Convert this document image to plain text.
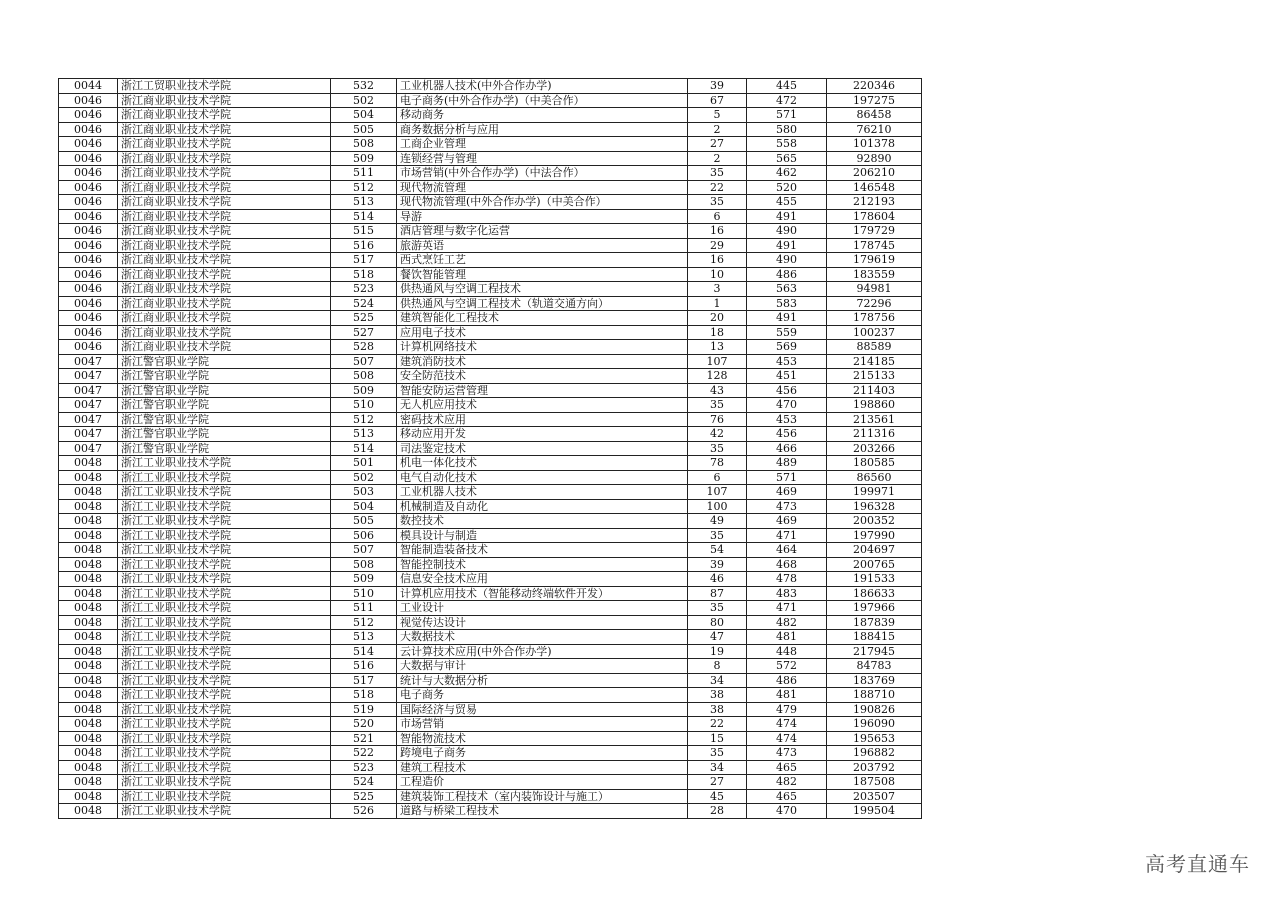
0044	浙江工贸职业技术学院	532	工业机器人技术(中外合作办学)	39	445	220346
0046	浙江商业职业技术学院	502	电子商务(中外合作办学)（中美合作）	67	472	197275
0046	浙江商业职业技术学院	504	移动商务	5	571	86458
0046	浙江商业职业技术学院	505	商务数据分析与应用	2	580	76210
0046	浙江商业职业技术学院	508	工商企业管理	27	558	101378
0046	浙江商业职业技术学院	509	连锁经营与管理	2	565	92890
0046	浙江商业职业技术学院	511	市场营销(中外合作办学)（中法合作）	35	462	206210
0046	浙江商业职业技术学院	512	现代物流管理	22	520	146548
0046	浙江商业职业技术学院	513	现代物流管理(中外合作办学)（中美合作）	35	455	212193
0046	浙江商业职业技术学院	514	导游	6	491	178604
0046	浙江商业职业技术学院	515	酒店管理与数字化运营	16	490	179729
0046	浙江商业职业技术学院	516	旅游英语	29	491	178745
0046	浙江商业职业技术学院	517	西式烹饪工艺	16	490	179619
0046	浙江商业职业技术学院	518	餐饮智能管理	10	486	183559
0046	浙江商业职业技术学院	523	供热通风与空调工程技术	3	563	94981
0046	浙江商业职业技术学院	524	供热通风与空调工程技术（轨道交通方向）	1	583	72296
0046	浙江商业职业技术学院	525	建筑智能化工程技术	20	491	178756
0046	浙江商业职业技术学院	527	应用电子技术	18	559	100237
0046	浙江商业职业技术学院	528	计算机网络技术	13	569	88589
0047	浙江警官职业学院	507	建筑消防技术	107	453	214185
0047	浙江警官职业学院	508	安全防范技术	128	451	215133
0047	浙江警官职业学院	509	智能安防运营管理	43	456	211403
0047	浙江警官职业学院	510	无人机应用技术	35	470	198860
0047	浙江警官职业学院	512	密码技术应用	76	453	213561
0047	浙江警官职业学院	513	移动应用开发	42	456	211316
0047	浙江警官职业学院	514	司法鉴定技术	35	466	203266
0048	浙江工业职业技术学院	501	机电一体化技术	78	489	180585
0048	浙江工业职业技术学院	502	电气自动化技术	6	571	86560
0048	浙江工业职业技术学院	503	工业机器人技术	107	469	199971
0048	浙江工业职业技术学院	504	机械制造及自动化	100	473	196328
0048	浙江工业职业技术学院	505	数控技术	49	469	200352
0048	浙江工业职业技术学院	506	模具设计与制造	35	471	197990
0048	浙江工业职业技术学院	507	智能制造装备技术	54	464	204697
0048	浙江工业职业技术学院	508	智能控制技术	39	468	200765
0048	浙江工业职业技术学院	509	信息安全技术应用	46	478	191533
0048	浙江工业职业技术学院	510	计算机应用技术（智能移动终端软件开发）	87	483	186633
0048	浙江工业职业技术学院	511	工业设计	35	471	197966
0048	浙江工业职业技术学院	512	视觉传达设计	80	482	187839
0048	浙江工业职业技术学院	513	大数据技术	47	481	188415
0048	浙江工业职业技术学院	514	云计算技术应用(中外合作办学)	19	448	217945
0048	浙江工业职业技术学院	516	大数据与审计	8	572	84783
0048	浙江工业职业技术学院	517	统计与大数据分析	34	486	183769
0048	浙江工业职业技术学院	518	电子商务	38	481	188710
0048	浙江工业职业技术学院	519	国际经济与贸易	38	479	190826
0048	浙江工业职业技术学院	520	市场营销	22	474	196090
0048	浙江工业职业技术学院	521	智能物流技术	15	474	195653
0048	浙江工业职业技术学院	522	跨境电子商务	35	473	196882
0048	浙江工业职业技术学院	523	建筑工程技术	34	465	203792
0048	浙江工业职业技术学院	524	工程造价	27	482	187508
0048	浙江工业职业技术学院	525	建筑装饰工程技术（室内装饰设计与施工）	45	465	203507
0048	浙江工业职业技术学院	526	道路与桥梁工程技术	28	470	199504
高考直通车
